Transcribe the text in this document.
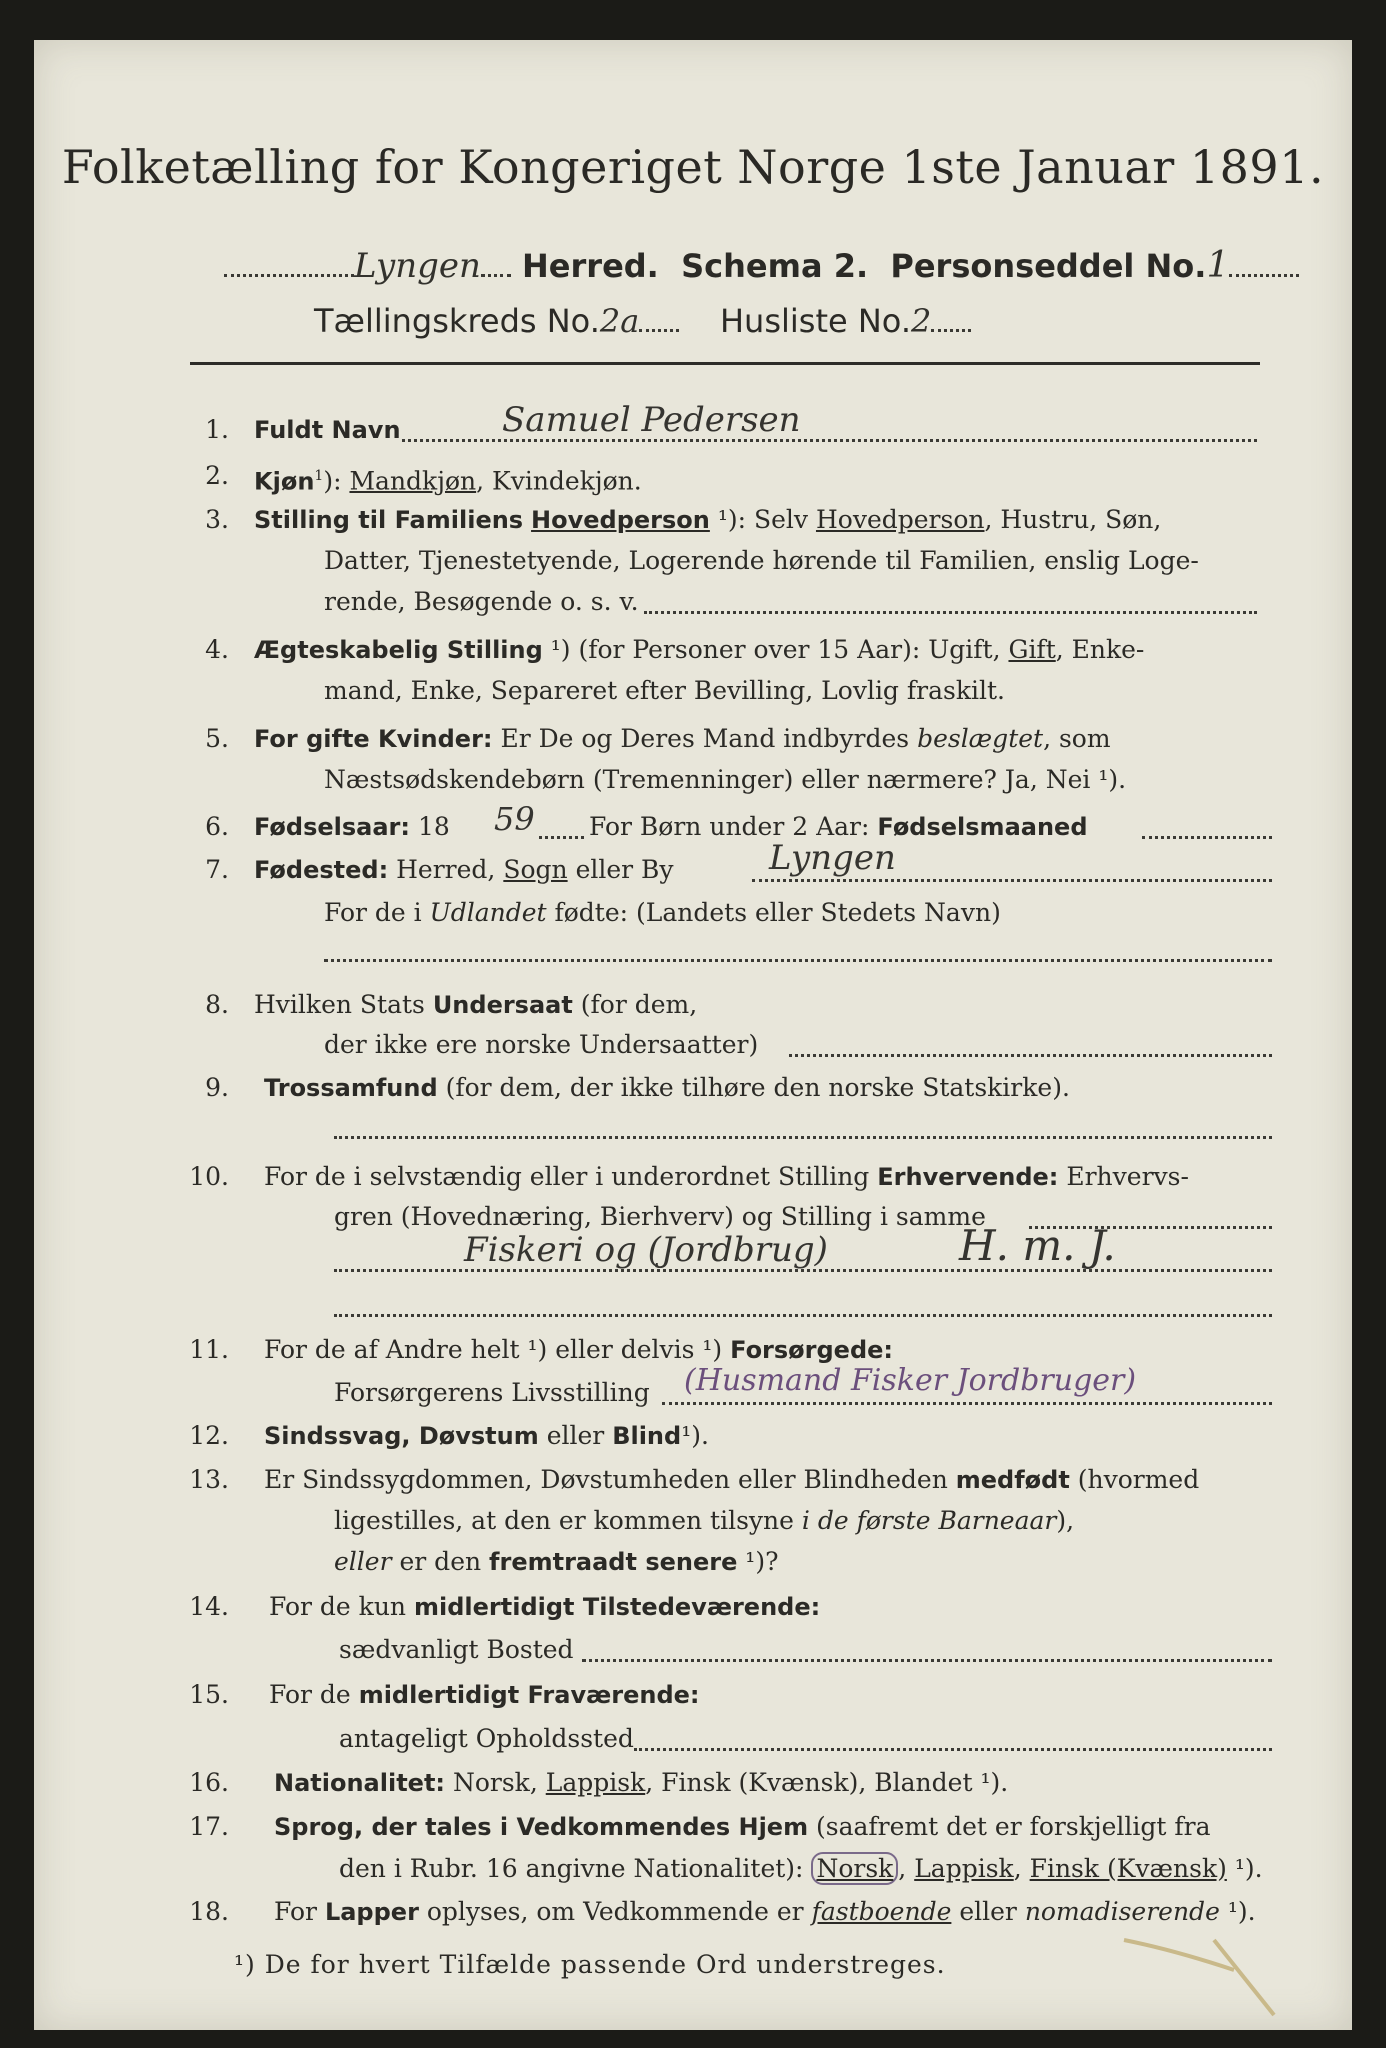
Folketælling for Kongeriget Norge 1ste Januar 1891.
Lyngen Herred. Schema 2. Personseddel No.1
Tællingskreds No.2a	Husliste No.2
1. Fuldt Navn	Samuel Pedersen
2. Kjøn$^1$): Mandkjøn, Kvindekjøn.
3. Stilling til Familiens Hovedperson ¹): Selv Hovedperson, Hustru, Søn,
Datter, Tjenestetyende, Logerende hørende til Familien, enslig Loge-
rende, Besøgende o. s. v.
4. Ægteskabelig Stilling ¹) (for Personer over 15 Aar): Ugift, Gift, Enke-
mand, Enke, Separeret efter Bevilling, Lovlig fraskilt.
5. For gifte Kvinder: Er De og Deres Mand indbyrdes beslægtet, som
Næstsødskendebørn (Tremenninger) eller nærmere? Ja, Nei ¹).
6. Fødselsaar: 18 59 For Børn under 2 Aar: Fødselsmaaned
7. Fødested: Herred, Sogn eller By	Lyngen
For de i Udlandet fødte: (Landets eller Stedets Navn)
8. Hvilken Stats Undersaat (for dem,
der ikke ere norske Undersaatter)
9. Trossamfund (for dem, der ikke tilhøre den norske Statskirke).
10. For de i selvstændig eller i underordnet Stilling Erhvervende: Erhvervs-
gren (Hovednæring, Bierhverv) og Stilling i samme
Fiskeri og (Jordbrug)	H. m. J.
11. For de af Andre helt ¹) eller delvis ¹) Forsørgede:
Forsørgerens Livsstilling (Husmand Fisker Jordbruger)
12. Sindssvag, Døvstum eller Blind¹).
13. Er Sindssygdommen, Døvstumheden eller Blindheden medfødt (hvormed
ligestilles, at den er kommen tilsyne i de første Barneaar),
eller er den fremtraadt senere ¹)?
14. For de kun midlertidigt Tilstedeværende:
sædvanligt Bosted
15. For de midlertidigt Fraværende:
antageligt Opholdssted
16. Nationalitet: Norsk, Lappisk, Finsk (Kvænsk), Blandet ¹).
17. Sprog, der tales i Vedkommendes Hjem (saafremt det er forskjelligt fra
den i Rubr. 16 angivne Nationalitet): Norsk , Lappisk, Finsk (Kvænsk) ¹).
18. For Lapper oplyses, om Vedkommende er fastboende eller nomadiserende ¹).
¹) De for hvert Tilfælde passende Ord understreges.
